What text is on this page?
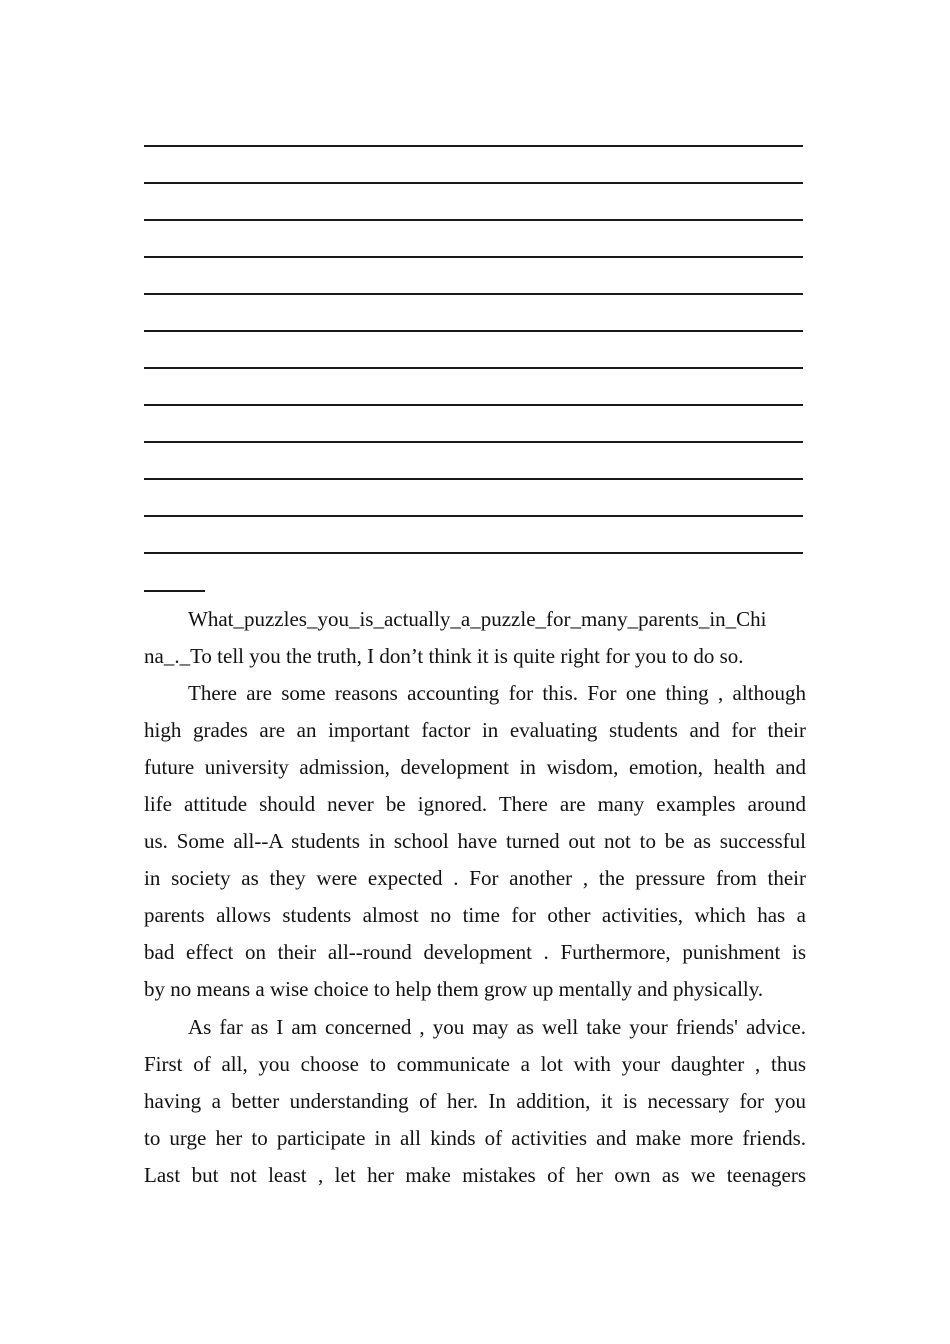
What_puzzles_you_is_actually_a_puzzle_for_many_parents_in_Chi
na_._To tell you the truth, I don’t think it is quite right for you to do so.
There are some reasons accounting for this. For one thing , although
high grades are an important factor in evaluating students and for their
future university admission, development in wisdom, emotion, health and
life attitude should never be ignored. There are many examples around
us. Some all--A students in school have turned out not to be as successful
in society as they were expected . For another , the pressure from their
parents allows students almost no time for other activities, which has a
bad effect on their all--round development . Furthermore, punishment is
by no means a wise choice to help them grow up mentally and physically.
As far as I am concerned , you may as well take your friends' advice.
First of all, you choose to communicate a lot with your daughter , thus
having a better understanding of her. In addition, it is necessary for you
to urge her to participate in all kinds of activities and make more friends.
Last but not least , let her make mistakes of her own as we teenagers
